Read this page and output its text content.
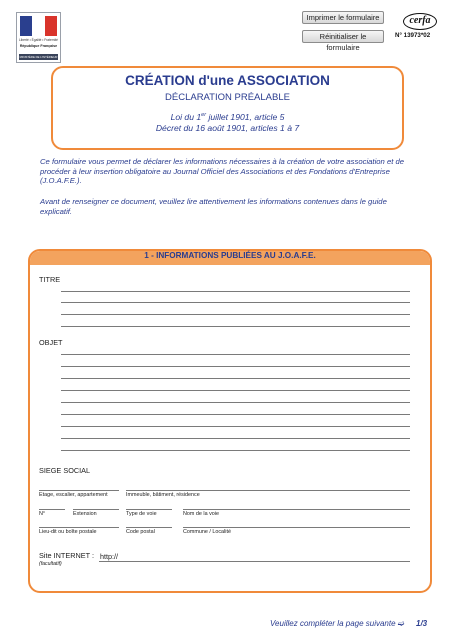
Liberté • Égalité • Fraternité
République Française
MINISTÈRE DE L'INTÉRIEUR
Imprimer le formulaire
Réinitialiser le formulaire
cerfa
N° 13973*02
CRÉATION d'une ASSOCIATION
DÉCLARATION PRÉALABLE
Loi du 1er juillet 1901, article 5
Décret du 16 août 1901, articles 1 à 7

Ce formulaire vous permet de déclarer les informations nécessaires à la création de votre association et de procéder à leur insertion obligatoire au Journal Officiel des Associations et des Fondations d'Entreprise (J.O.A.F.E.).

Avant de renseigner ce document, veuillez lire attentivement les informations contenues dans le guide explicatif.

1 - INFORMATIONS PUBLIÉES AU J.O.A.F.E.
TITRE
OBJET
SIEGE SOCIAL
Etage, escalier, appartement	Immeuble, bâtiment, résidence
N°	Extension	Type de voie	Nom de la voie
Lieu-dit ou boîte postale	Code postal	Commune / Localité
Site INTERNET :
(facultatif)
http://
Veuillez compléter la page suivante ➫ 1/3
